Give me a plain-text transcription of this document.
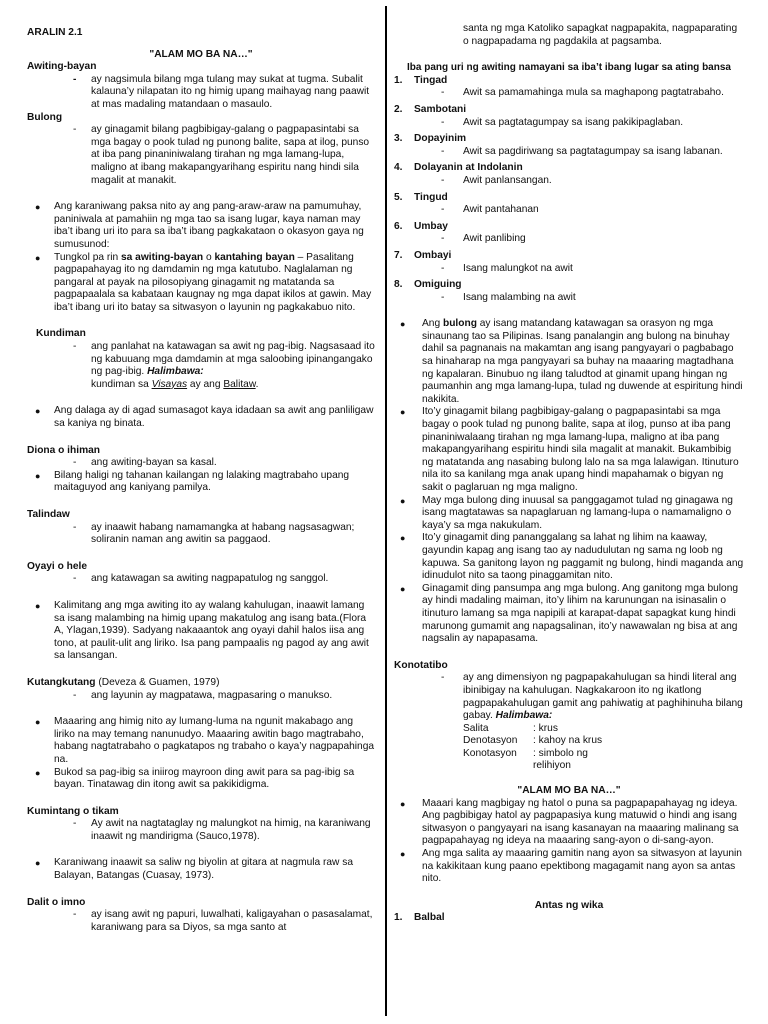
ARALIN 2.1

"ALAM MO BA NA…"

Awiting-bayan

- ay nagsimula bilang mga tulang may sukat at tugma. Subalit kalauna’y nilapatan ito ng himig upang maihayag nang paawit at mas madaling matandaan o masaulo.

Bulong

- ay ginagamit bilang pagbibigay-galang o pagpapasintabi sa mga bagay o pook tulad ng punong balite, sapa at ilog, punso at iba pang pinaniniwalang tirahan ng mga lamang-lupa, maligno at ibang makapangyarihang espiritu nang hindi sila magalit at manakit.
● Ang karaniwang paksa nito ay ang pang-araw-araw na pamumuhay, paniniwala at pamahiin ng mga tao sa isang lugar, kaya naman may iba’t ibang uri ito para sa iba’t ibang pagkakataon o okasyon gaya ng sumusunod:
● Tungkol pa rin sa awiting-bayan o kantahing bayan – Pasalitang pagpapahayag ito ng damdamin ng mga katutubo. Naglalaman ng pangaral at payak na pilosopiyang ginagamit ng matatanda sa pagpapaalala sa kabataan kaugnay ng mga dapat ikilos at gawin. May iba’t ibang uri ito batay sa sitwasyon o layunin ng pagkakabuo nito.

Kundiman

- ang panlahat na katawagan sa awit ng pag-ibig. Nagsasaad ito ng kabuuang mga damdamin at mga saloobing ipinangangako ng pag-ibig. Halimbawa:
kundiman sa Visayas ay ang Balitaw.
● Ang dalaga ay di agad sumasagot kaya idadaan sa awit ang panliligaw sa kaniya ng binata.

Diona o ihiman

- ang awiting-bayan sa kasal.
● Bilang haligi ng tahanan kailangan ng lalaking magtrabaho upang maitaguyod ang kaniyang pamilya.

Talindaw

- ay inaawit habang namamangka at habang nagsasagwan; soliranin naman ang awitin sa paggaod.

Oyayi o hele

- ang katawagan sa awiting nagpapatulog ng sanggol.
● Kalimitang ang mga awiting ito ay walang kahulugan, inaawit lamang sa isang malambing na himig upang makatulog ang isang bata.(Flora A, Ylagan,1939). Sadyang nakaaantok ang oyayi dahil halos iisa ang tono, at paulit-ulit ang liriko. Isa pang pampaalis ng pagod ay ang awit sa lansangan.

Kutangkutang (Deveza & Guamen, 1979)

- ang layunin ay magpatawa, magpasaring o manukso.
● Maaaring ang himig nito ay lumang-luma na ngunit makabago ang liriko na may temang nanunudyo. Maaaring awitin bago magtrabaho, habang nagtatrabaho o pagkatapos ng trabaho o kaya’y nagpapahinga na.
● Bukod sa pag-ibig sa iniirog mayroon ding awit para sa pag-ibig sa bayan. Tinatawag din itong awit sa pakikidigma.

Kumintang o tikam

- Ay awit na nagtataglay ng malungkot na himig, na karaniwang inaawit ng mandirigma (Sauco,1978).
● Karaniwang inaawit sa saliw ng biyolin at gitara at nagmula raw sa Balayan, Batangas (Cuasay, 1973).

Dalit o imno

- ay isang awit ng papuri, luwalhati, kaligayahan o pasasalamat, karaniwang para sa Diyos, sa mga santo at

santa ng mga Katoliko sapagkat nagpapakita, nagpaparating o nagpapadama ng pagdakila at pagsamba.

Iba pang uri ng awiting namayani sa iba’t ibang lugar sa ating bansa

1. Tingad
- Awit sa pamamahinga mula sa maghapong pagtatrabaho.
2. Sambotani
- Awit sa pagtatagumpay sa isang pakikipaglaban.
3. Dopayinim
- Awit sa pagdiriwang sa pagtatagumpay sa isang labanan.
4. Dolayanin at Indolanin
- Awit panlansangan.
5. Tingud
- Awit pantahanan
6. Umbay
- Awit panlibing
7. Ombayi
- Isang malungkot na awit
8. Omiguing
- Isang malambing na awit
● Ang bulong ay isang matandang katawagan sa orasyon ng mga sinaunang tao sa Pilipinas. Isang panalangin ang bulong na binuhay dahil sa pagnanais na makamtan ang isang pangyayari o pagbabago sa hinaharap na mga pangyayari sa buhay na maaaring magtadhana ng kapalaran. Binubuo ng ilang taludtod at ginamit upang hingan ng paumanhin ang mga lamang-lupa, tulad ng duwende at espiritung hindi nakikita.
● Ito’y ginagamit bilang pagbibigay-galang o pagpapasintabi sa mga bagay o pook tulad ng punong balite, sapa at ilog, punso at iba pang pinaniniwalaang tirahan ng mga lamang-lupa, maligno at iba pang makapangyarihang espiritu hindi sila magalit at manakit. Bukambibig ng matatanda ang nasabing bulong lalo na sa mga lalawigan. Itinuturo nila ito sa kanilang mga anak upang hindi mapahamak o bigyan ng sakit o paglaruan ng mga maligno.
● May mga bulong ding inuusal sa panggagamot tulad ng ginagawa ng isang magtatawas sa napaglaruan ng lamang-lupa o namamaligno o kaya’y sa mga nakukulam.
● Ito’y ginagamit ding pananggalang sa lahat ng lihim na kaaway, gayundin kapag ang isang tao ay nadudulutan ng sama ng loob ng kapuwa. Sa ganitong layon ng paggamit ng bulong, hindi maganda ang idinudulot nito sa taong pinaggamitan nito.
● Ginagamit ding pansumpa ang mga bulong. Ang ganitong mga bulong ay hindi madaling maiman, ito’y lihim na karunungan na isinasalin o itinuturo lamang sa mga napipili at karapat-dapat sapagkat kung hindi marunong gumamit ang napagsalinan, ito’y nawawalan ng bisa at ang nagsalin ay napapasama.

Konotatibo

- ay ang dimensiyon ng pagpapakahulugan sa hindi literal ang ibinibigay na kahulugan. Nagkakaroon ito ng ikatlong pagpapakahulugan gamit ang pahiwatig at paghihinuha bilang gabay. Halimbawa:
Salita	: krus
Denotasyon	: kahoy na krus
Konotasyon	: simbolo ng relihiyon

"ALAM MO BA NA…"

● Maaari kang magbigay ng hatol o puna sa pagpapapahayag ng ideya. Ang pagbibigay hatol ay pagpapasiya kung matuwid o hindi ang isang sitwasyon o pangyayari na isang kasanayan na maaaring malinang sa pagpapahayag ng ideya na maaaring sang-ayon o di-sang-ayon.
● Ang mga salita ay maaaring gamitin nang ayon sa sitwasyon at layunin na kakikitaan kung paano epektibong magagamit nang ayon sa antas nito.

Antas ng wika

1. Balbal
